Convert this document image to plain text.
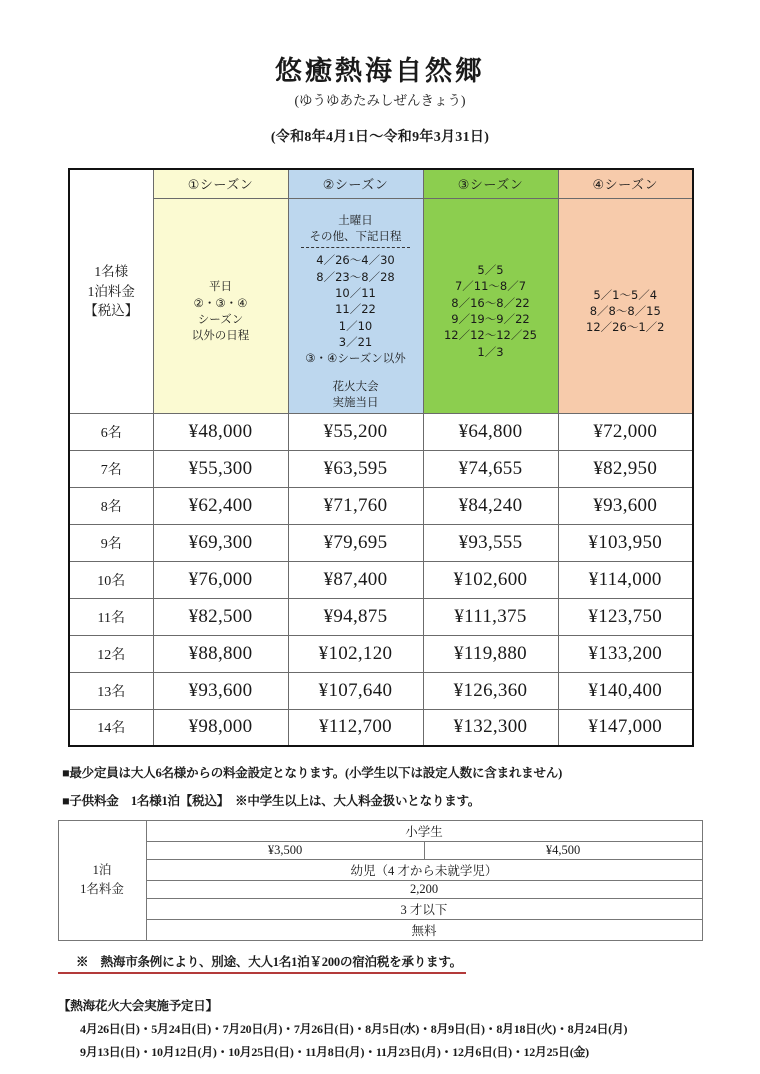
悠癒熱海自然郷
(ゆうゆあたみしぜんきょう)
(令和8年4月1日～令和9年3月31日)
1名様
1泊料金
【税込】	①シーズン	②シーズン	③シーズン	④シーズン

平日
②・③・④
シーズン
以外の日程

土曜日
その他、下記日程
4／26～4／30
8／23～8／28
10／11
11／22
1／10
3／21
③・④シーズン以外
花火大会
実施当日

5／5
7／11～8／7
8／16～8／22
9／19～9／22
12／12～12／25
1／3

5／1～5／4
8／8～8／15
12／26～1／2

6名	¥48,000	¥55,200	¥64,800	¥72,000
7名	¥55,300	¥63,595	¥74,655	¥82,950
8名	¥62,400	¥71,760	¥84,240	¥93,600
9名	¥69,300	¥79,695	¥93,555	¥103,950
10名	¥76,000	¥87,400	¥102,600	¥114,000
11名	¥82,500	¥94,875	¥111,375	¥123,750
12名	¥88,800	¥102,120	¥119,880	¥133,200
13名	¥93,600	¥107,640	¥126,360	¥140,400
14名	¥98,000	¥112,700	¥132,300	¥147,000
■最少定員は大人6名様からの料金設定となります。(小学生以下は設定人数に含まれません)
■子供料金　1名様1泊【税込】　※中学生以上は、大人料金扱いとなります。
1泊
1名料金	小学生	
	¥3,500	¥4,500
	幼児（4 才から未就学児）	
	2,200	
	3 才以下	
	無料	
※　熱海市条例により、別途、大人1名1泊￥200の宿泊税を承ります。
【熱海花火大会実施予定日】
4月26日(日)・5月24日(日)・7月20日(月)・7月26日(日)・8月5日(水)・8月9日(日)・8月18日(火)・8月24日(月)
9月13日(日)・10月12日(月)・10月25日(日)・11月8日(月)・11月23日(月)・12月6日(日)・12月25日(金)
